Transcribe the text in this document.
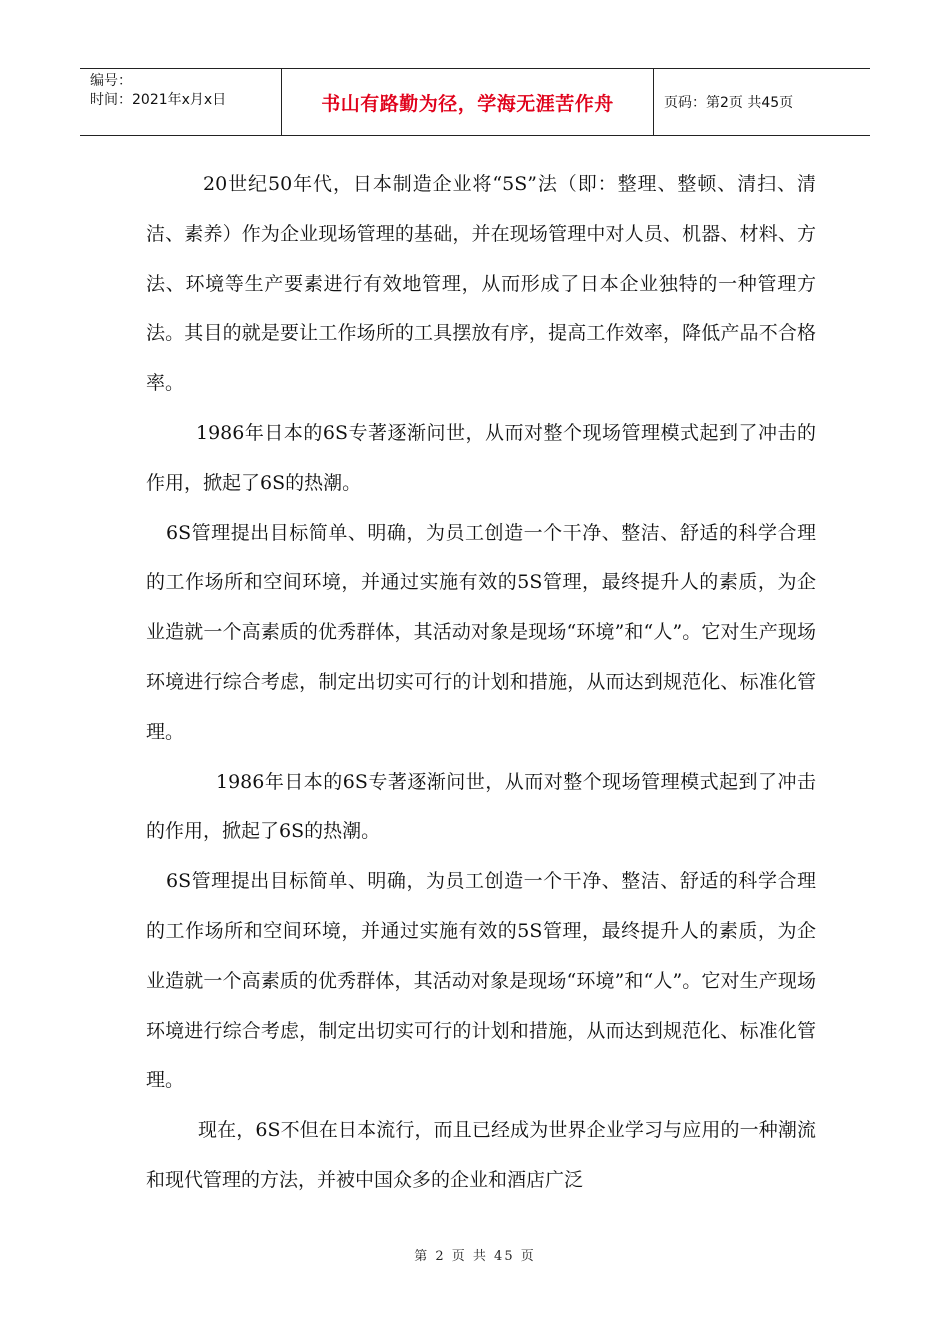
编号：
时间：2021年x月x日	书山有路勤为径，学海无涯苦作舟	页码：第2页 共45页

20世纪50年代，日本制造企业将“5S”法（即：整理、整顿、清扫、清洁、素养）作为企业现场管理的基础，并在现场管理中对人员、机器、材料、方法、环境等生产要素进行有效地管理，从而形成了日本企业独特的一种管理方法。其目的就是要让工作场所的工具摆放有序，提高工作效率，降低产品不合格率。

1986年日本的6S专著逐渐问世，从而对整个现场管理模式起到了冲击的作用，掀起了6S的热潮。

6S管理提出目标简单、明确，为员工创造一个干净、整洁、舒适的科学合理的工作场所和空间环境，并通过实施有效的5S管理，最终提升人的素质，为企业造就一个高素质的优秀群体，其活动对象是现场“环境”和“人”。它对生产现场环境进行综合考虑，制定出切实可行的计划和措施，从而达到规范化、标准化管理。

1986年日本的6S专著逐渐问世，从而对整个现场管理模式起到了冲击的作用，掀起了6S的热潮。

6S管理提出目标简单、明确，为员工创造一个干净、整洁、舒适的科学合理的工作场所和空间环境，并通过实施有效的5S管理，最终提升人的素质，为企业造就一个高素质的优秀群体，其活动对象是现场“环境”和“人”。它对生产现场环境进行综合考虑，制定出切实可行的计划和措施，从而达到规范化、标准化管理。

现在，6S不但在日本流行，而且已经成为世界企业学习与应用的一种潮流和现代管理的方法，并被中国众多的企业和酒店广泛

第 2 页 共 45 页
